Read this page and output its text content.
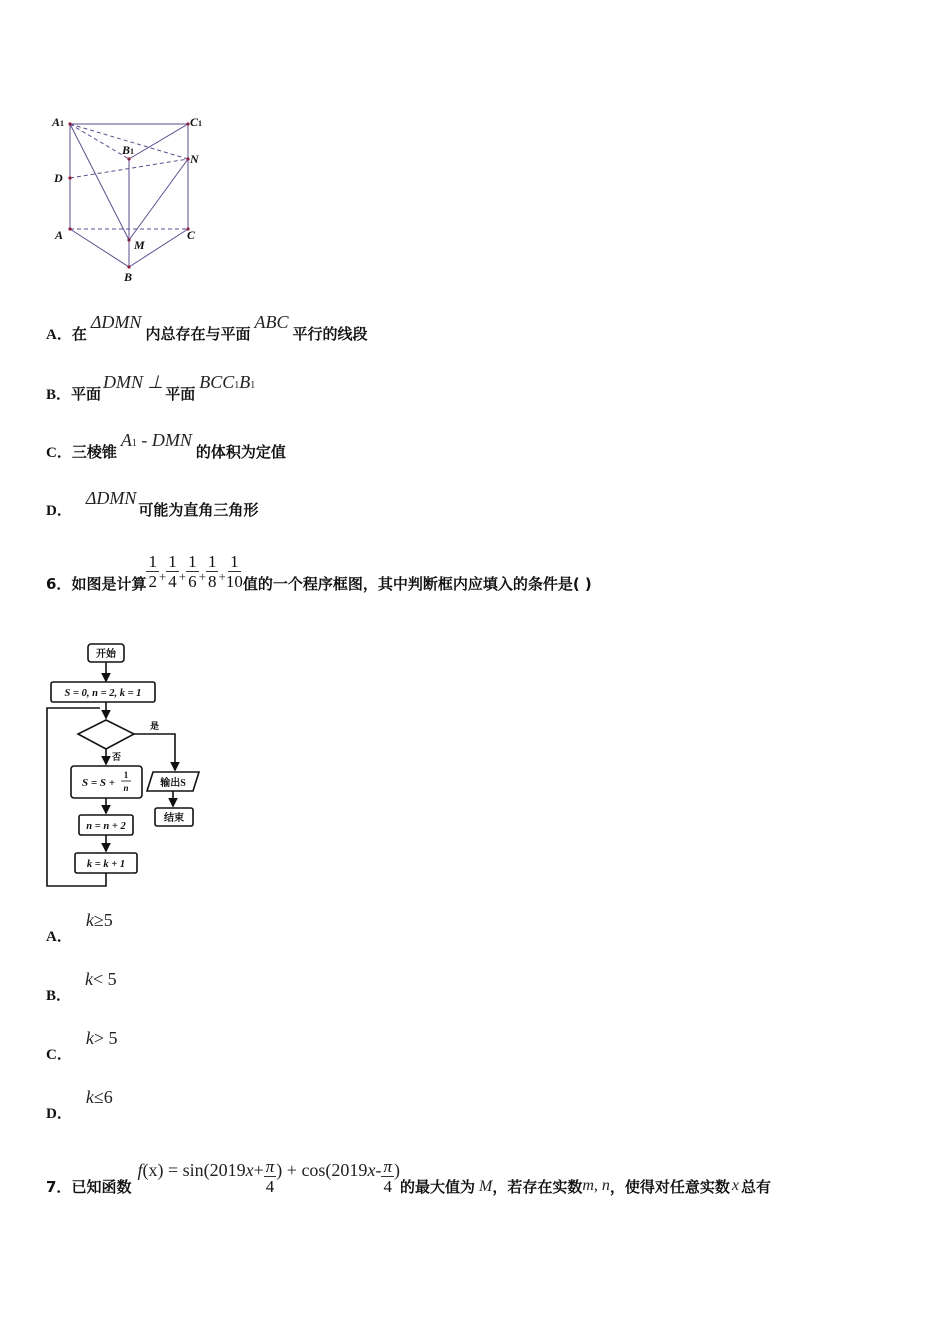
A1	C1
B1
N
D
A
M
C
B
A． 在
ΔDMN
内总存在与平面
ABC
平行的线段
B． 平面
DMN ⊥
平面
BCC1B1
C． 三棱锥
A1 - DMN
的体积为定值
D．
ΔDMN
可能为直角三角形
6． 如图是计算 $\frac{1}{2} + \frac{1}{4} + \frac{1}{6} + \frac{1}{8} + \frac{1}{10}$ 值的一个程序框图，其中判断框内应填入的条件是( )
开始
S = 0, n = 2, k = 1
是
否
S = S +
1
n
n = n + 2
k = k + 1
输出S
结束
A．
k ≥5
B．
k < 5
C．
k > 5
D．
k ≤6
7． 已知函数
f (x) = sin(2019 $x + \frac{\pi}{4}$ ) + cos(2019 x - $\frac{\pi}{4}$ )
的最大值为 M ，若存在实数 m, n ，使得对任意实数 x 总有
